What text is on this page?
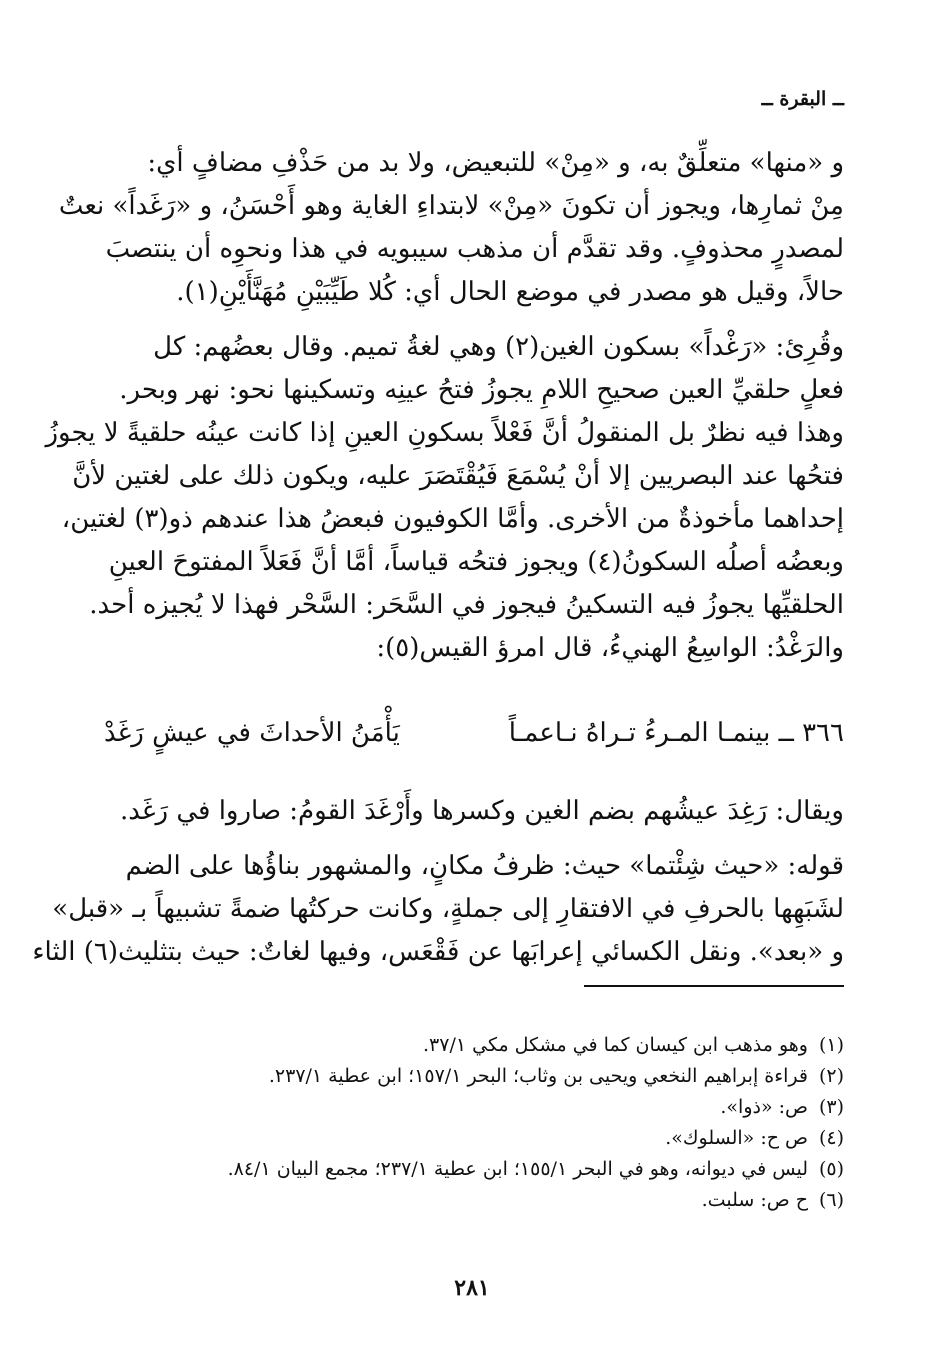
ــ البقرة ــ

و «منها» متعلِّقٌ به، و «مِنْ» للتبعيض، ولا بد من حَذْفِ مضافٍ أي:
مِنْ ثمارِها، ويجوز أن تكونَ «مِنْ» لابتداءِ الغاية وهو أَحْسَنُ، و «رَغَداً» نعتٌ
لمصدرٍ محذوفٍ. وقد تقدَّم أن مذهب سيبويه في هذا ونحوِه أن ينتصبَ
حالاً، وقيل هو مصدر في موضع الحال أي: كُلا طَيِّبَيْنِ مُهَنَّأَيْنِ(١).

وقُرِئ: «رَغْداً» بسكون الغين(٢) وهي لغةُ تميم. وقال بعضُهم: كل
فعلٍ حلقيِّ العين صحيحِ اللامِ يجوزُ فتحُ عينِه وتسكينها نحو: نهر وبحر.
وهذا فيه نظرٌ بل المنقولُ أنَّ فَعْلاً بسكونِ العينِ إذا كانت عينُه حلقيةً لا يجوزُ
فتحُها عند البصريين إلا أنْ يُسْمَعَ فَيُقْتَصَرَ عليه، ويكون ذلك على لغتين لأنَّ
إحداهما مأخوذةٌ من الأخرى. وأمَّا الكوفيون فبعضُ هذا عندهم ذو(٣) لغتين،
وبعضُه أصلُه السكونُ(٤) ويجوز فتحُه قياساً، أمَّا أنَّ فَعَلاً المفتوحَ العينِ
الحلقيِّها يجوزُ فيه التسكينُ فيجوز في السَّحَر: السَّحْر فهذا لا يُجيزه أحد.
والرَغْدُ: الواسِعُ الهنيءُ، قال امرؤ القيس(٥):

٣٦٦ ــ بينمـا المـرءُ تـراهُ نـاعمـاً
يَأْمَنُ الأحداثَ في عيشٍ رَغَدْ

ويقال: رَغِدَ عيشُهم بضم الغين وكسرها وأَرْغَدَ القومُ: صاروا في رَغَد.

قوله: «حيث شِئْتما» حيث: ظرفُ مكانٍ، والمشهور بناؤُها على الضم
لشَبَهِها بالحرفِ في الافتقارِ إلى جملةٍ، وكانت حركتُها ضمةً تشبيهاً بـ «قبل»
و «بعد». ونقل الكسائي إعرابَها عن فَقْعَس، وفيها لغاتٌ: حيث بتثليث(٦) الثاء

(١)وهو مذهب ابن كيسان كما في مشكل مكي ٣٧/١.
(٢)قراءة إبراهيم النخعي ويحيى بن وثاب؛ البحر ١٥٧/١؛ ابن عطية ٢٣٧/١.
(٣)ص: «ذوا».
(٤)ص ح: «السلوك».
(٥)ليس في ديوانه، وهو في البحر ١٥٥/١؛ ابن عطية ٢٣٧/١؛ مجمع البيان ٨٤/١.
(٦)ح ص: سلبت.
٢٨١
